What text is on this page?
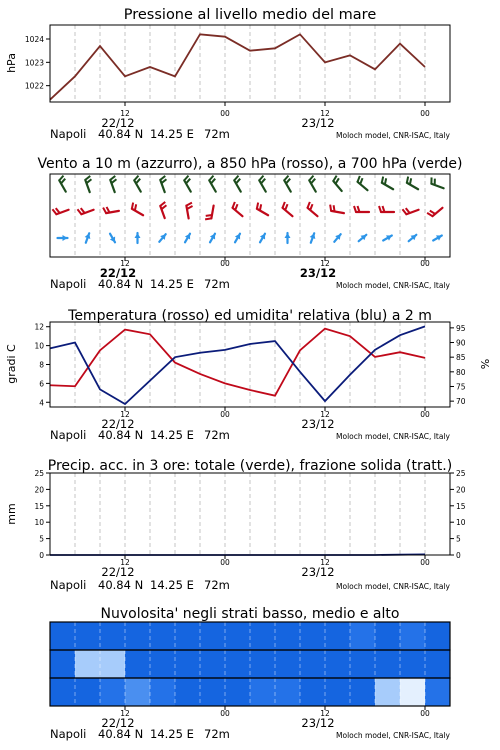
Pressione al livello medio del mare
hPa
1022
1023
1024
12	00	12	00
22/12	23/12
Napoli 40.84 N 14.25 E 72m	Moloch model, CNR-ISAC, Italy
Vento a 10 m (azzurro), a 850 hPa (rosso), a 700 hPa (verde)
12	00	12	00
22/12	23/12
Napoli 40.84 N 14.25 E 72m	Moloch model, CNR-ISAC, Italy
Temperatura (rosso) ed umidita' relativa (blu) a 2 m
gradi C	%
4
6
8
10
12
70
75
80
85
90
95
12	00	12	00
22/12	23/12
Napoli 40.84 N 14.25 E 72m	Moloch model, CNR-ISAC, Italy
Precip. acc. in 3 ore: totale (verde), frazione solida (tratt.)
mm
0	0
5	5
10	10
15	15
20	20
25	25
12	00	12	00
22/12	23/12
Napoli 40.84 N 14.25 E 72m	Moloch model, CNR-ISAC, Italy
Nuvolosita' negli strati basso, medio e alto
12	00	12	00
22/12	23/12
Napoli 40.84 N 14.25 E 72m	Moloch model, CNR-ISAC, Italy
